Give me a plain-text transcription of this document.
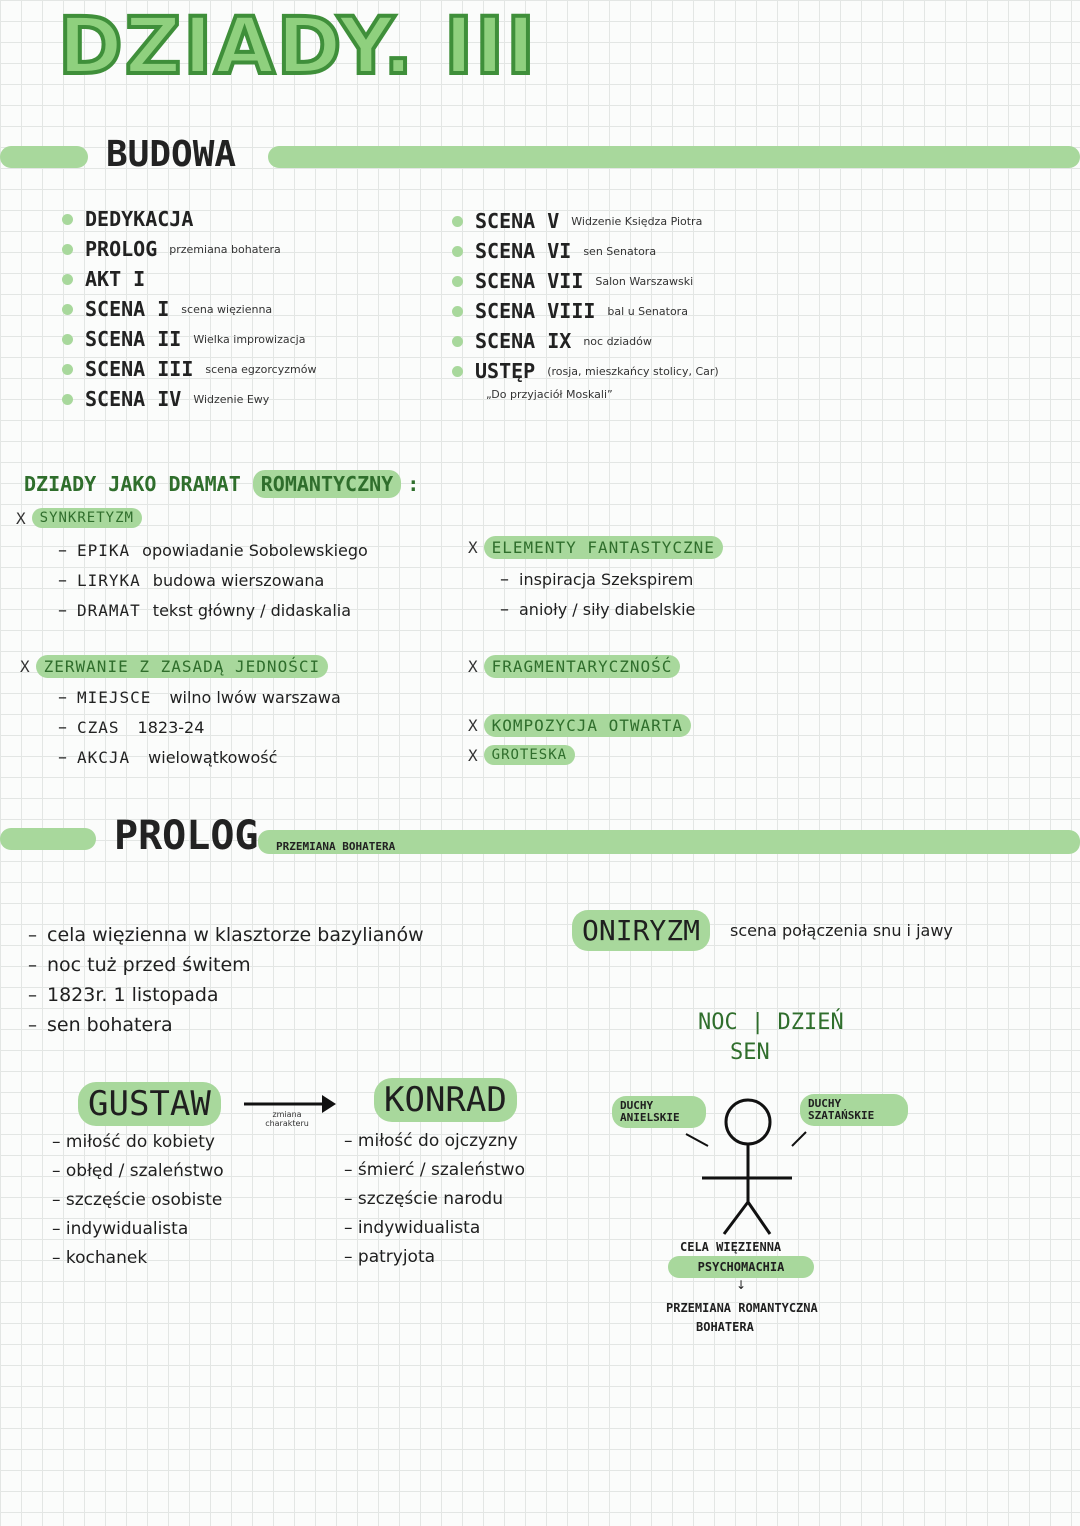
DZIADY. III
BUDOWA
DEDYKACJA
PROLOG przemiana bohatera
AKT I
SCENA I scena więzienna
SCENA II Wielka improwizacja
SCENA III scena egzorcyzmów
SCENA IV Widzenie Ewy
SCENA V Widzenie Księdza Piotra
SCENA VI sen Senatora
SCENA VII Salon Warszawski
SCENA VIII bal u Senatora
SCENA IX noc dziadów
USTĘP (rosja, mieszkańcy stolicy, Car)
„Do przyjaciół Moskali”
DZIADY JAKO DRAMAT	ROMANTYCZNY :
X	SYNKRETYZM
– EPIKA opowiadanie Sobolewskiego
– LIRYKA budowa wierszowana
– DRAMAT tekst główny / didaskalia
X ZERWANIE Z ZASADĄ JEDNOŚCI
– MIEJSCE wilno lwów warszawa
– CZAS 1823-24
– AKCJA wielowątkowość
X ELEMENTY FANTASTYCZNE
– inspiracja Szekspirem
– anioły / siły diabelskie
X FRAGMENTARYCZNOŚĆ
X KOMPOZYCJA OTWARTA
X	GROTESKA
PROLOG PRZEMIANA BOHATERA
– cela więzienna w klasztorze bazylianów
– noc tuż przed świtem
– 1823r. 1 listopada
– sen bohatera
ONIRYZM	scena połączenia snu i jawy
GUSTAW
– miłość do kobiety
– obłęd / szaleństwo
– szczęście osobiste
– indywidualista
– kochanek
zmiana charakteru
KONRAD
– miłość do ojczyzny
– śmierć / szaleństwo
– szczęście narodu
– indywidualista
– patryjota
NOC | DZIEŃ
SEN
DUCHY ANIELSKIE
DUCHY SZATAŃSKIE
CELA WIĘZIENNA
PSYCHOMACHIA
↓
PRZEMIANA ROMANTYCZNA
BOHATERA
